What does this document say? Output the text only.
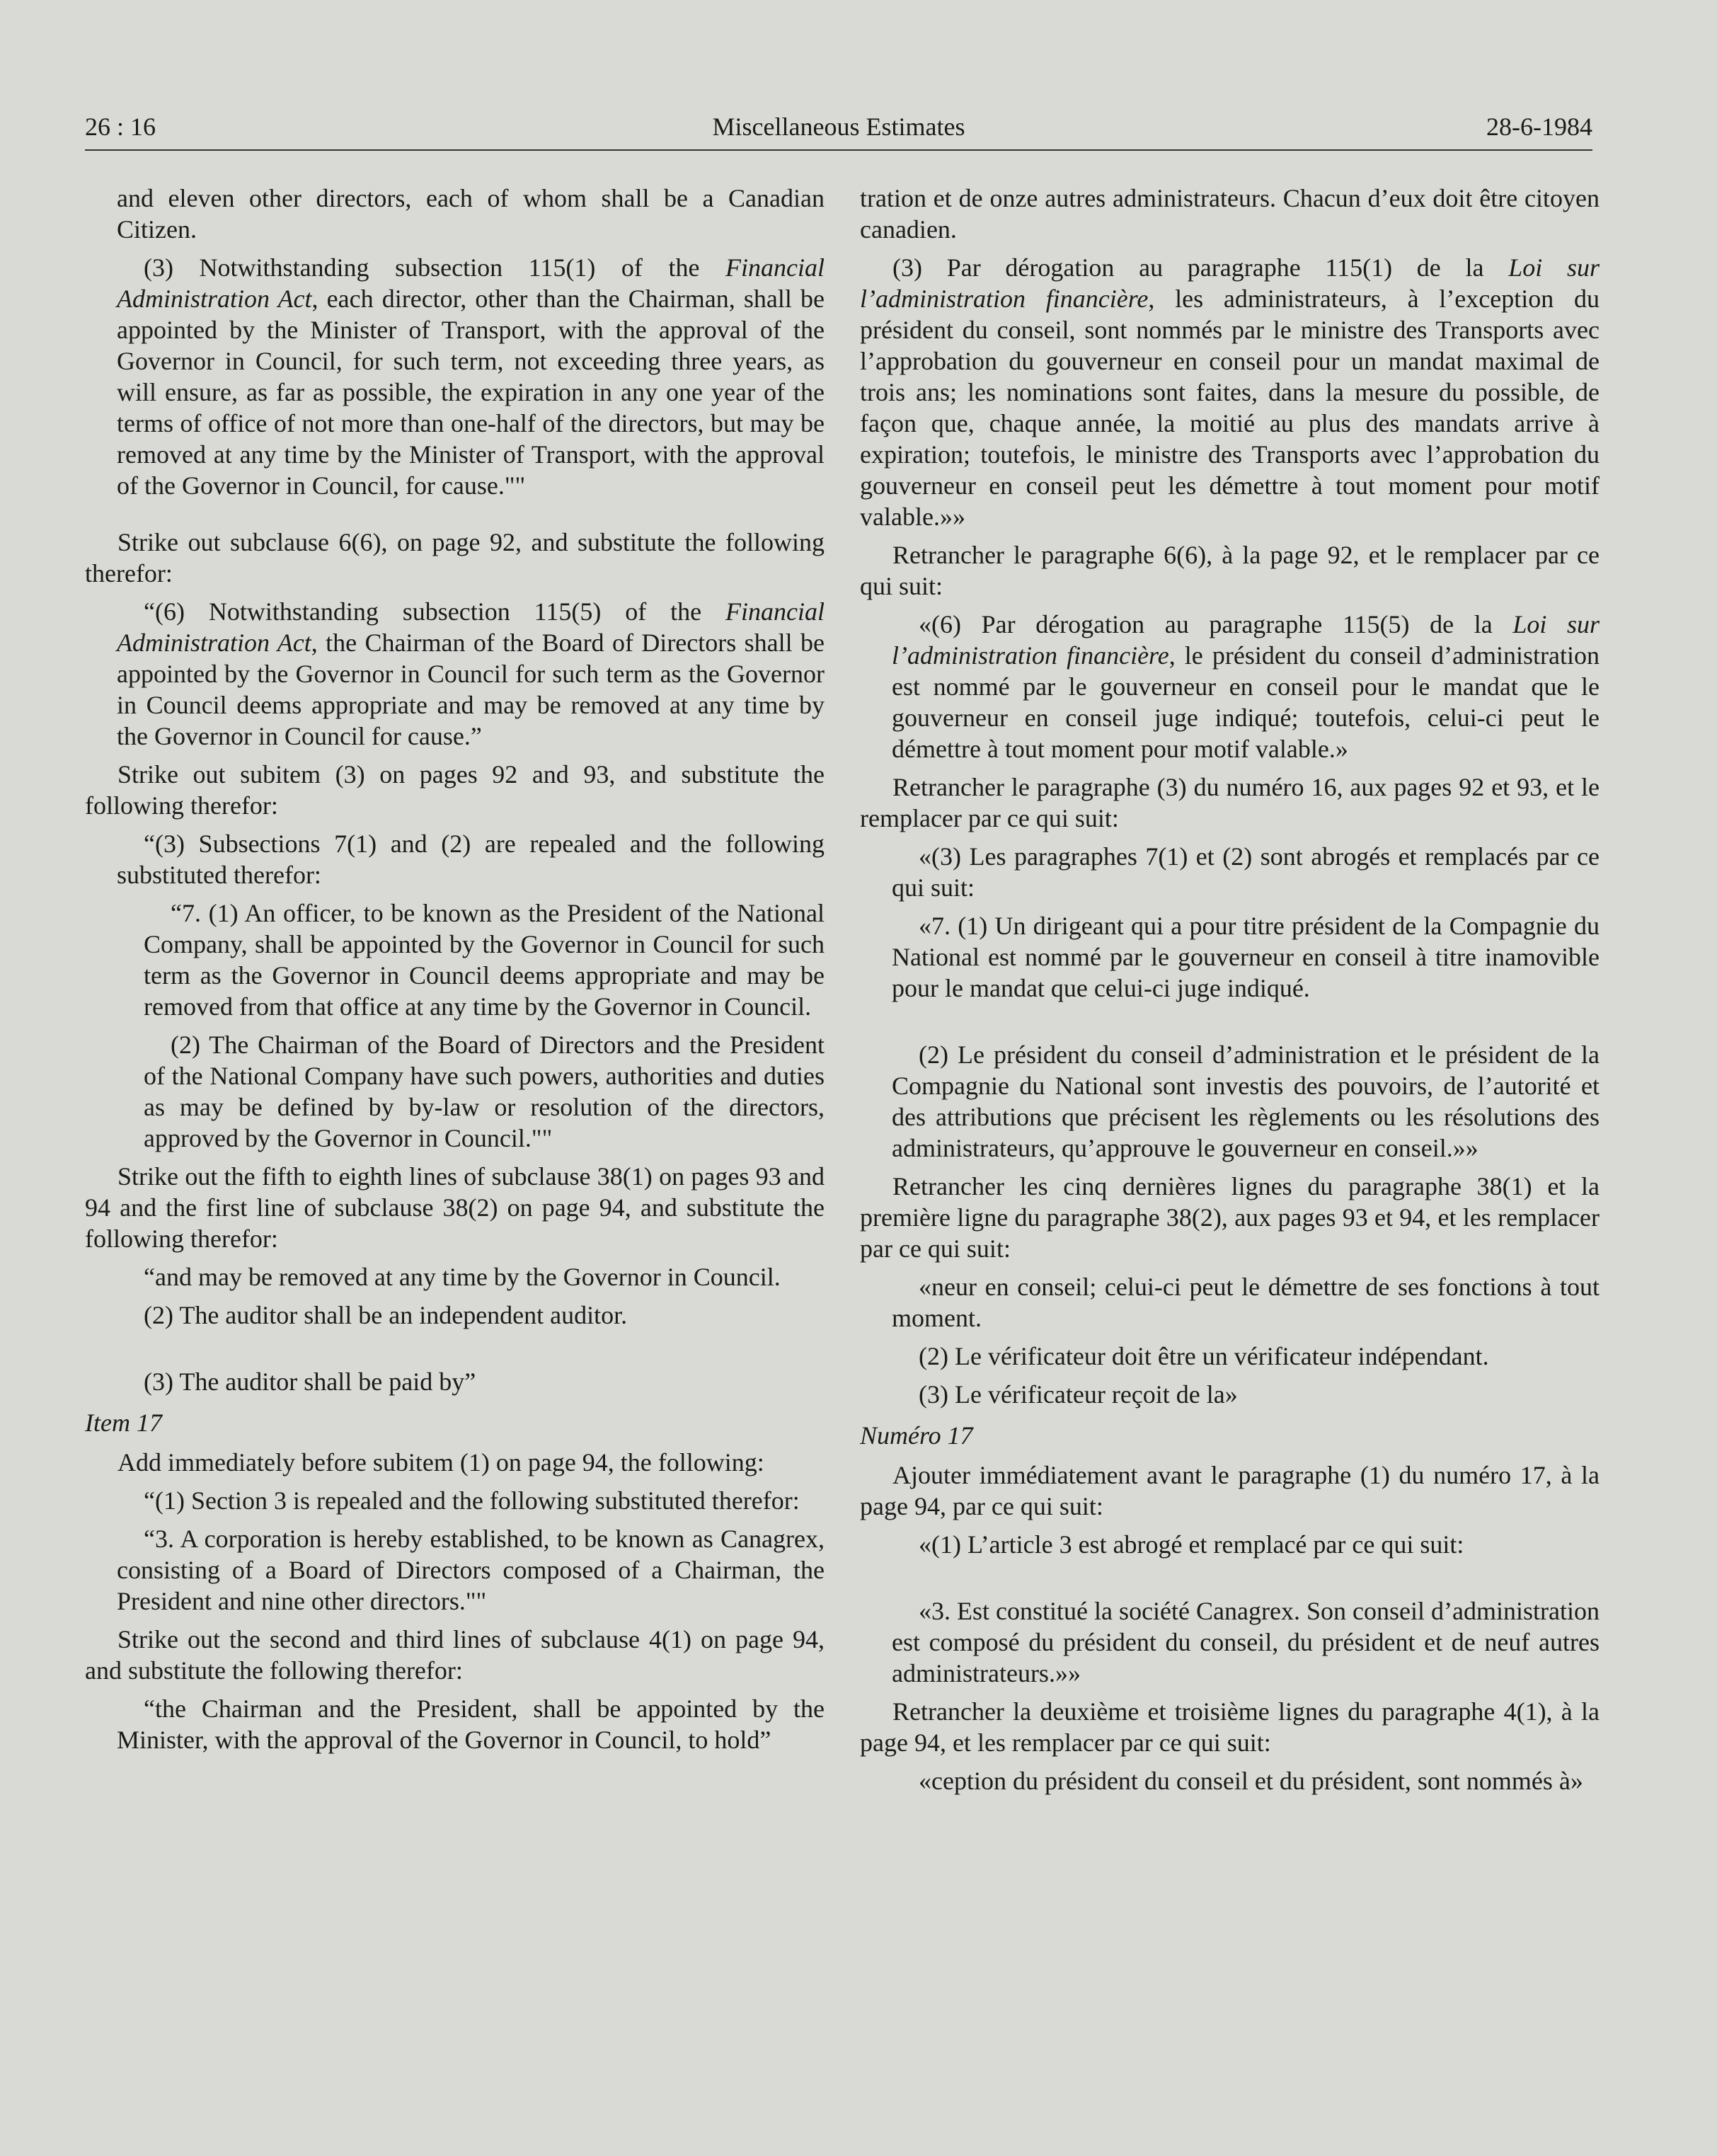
26 : 16	Miscellaneous Estimates	28-6-1984

and eleven other directors, each of whom shall be a Canadian Citizen.

(3) Notwithstanding subsection 115(1) of the Financial Administration Act, each director, other than the Chairman, shall be appointed by the Minister of Transport, with the approval of the Governor in Council, for such term, not exceeding three years, as will ensure, as far as possible, the expiration in any one year of the terms of office of not more than one-half of the directors, but may be removed at any time by the Minister of Transport, with the approval of the Governor in Council, for cause.""

Strike out subclause 6(6), on page 92, and substitute the following therefor:

“(6) Notwithstanding subsection 115(5) of the Financial Administration Act, the Chairman of the Board of Directors shall be appointed by the Governor in Council for such term as the Governor in Council deems appropriate and may be removed at any time by the Governor in Council for cause.”

Strike out subitem (3) on pages 92 and 93, and substitute the following therefor:

“(3) Subsections 7(1) and (2) are repealed and the following substituted therefor:

“7. (1) An officer, to be known as the President of the National Company, shall be appointed by the Governor in Council for such term as the Governor in Council deems appropriate and may be removed from that office at any time by the Governor in Council.

(2) The Chairman of the Board of Directors and the President of the National Company have such powers, authorities and duties as may be defined by by-law or resolution of the directors, approved by the Governor in Council.""

Strike out the fifth to eighth lines of subclause 38(1) on pages 93 and 94 and the first line of subclause 38(2) on page 94, and substitute the following therefor:

“and may be removed at any time by the Governor in Council.

(2) The auditor shall be an independent auditor.

(3) The auditor shall be paid by”

Item 17

Add immediately before subitem (1) on page 94, the following:

“(1) Section 3 is repealed and the following substituted therefor:

“3. A corporation is hereby established, to be known as Canagrex, consisting of a Board of Directors composed of a Chairman, the President and nine other directors.""

Strike out the second and third lines of subclause 4(1) on page 94, and substitute the following therefor:

“the Chairman and the President, shall be appointed by the Minister, with the approval of the Governor in Council, to hold”

tration et de onze autres administrateurs. Chacun d’eux doit être citoyen canadien.

(3) Par dérogation au paragraphe 115(1) de la Loi sur l’administration financière, les administrateurs, à l’exception du président du conseil, sont nommés par le ministre des Transports avec l’approbation du gouverneur en conseil pour un mandat maximal de trois ans; les nominations sont faites, dans la mesure du possible, de façon que, chaque année, la moitié au plus des mandats arrive à expiration; toutefois, le ministre des Transports avec l’approbation du gouverneur en conseil peut les démettre à tout moment pour motif valable.»»

Retrancher le paragraphe 6(6), à la page 92, et le remplacer par ce qui suit:

«(6) Par dérogation au paragraphe 115(5) de la Loi sur l’administration financière, le président du conseil d’administration est nommé par le gouverneur en conseil pour le mandat que le gouverneur en conseil juge indiqué; toutefois, celui-ci peut le démettre à tout moment pour motif valable.»

Retrancher le paragraphe (3) du numéro 16, aux pages 92 et 93, et le remplacer par ce qui suit:

«(3) Les paragraphes 7(1) et (2) sont abrogés et remplacés par ce qui suit:

«7. (1) Un dirigeant qui a pour titre président de la Compagnie du National est nommé par le gouverneur en conseil à titre inamovible pour le mandat que celui-ci juge indiqué.

(2) Le président du conseil d’administration et le président de la Compagnie du National sont investis des pouvoirs, de l’autorité et des attributions que précisent les règlements ou les résolutions des administrateurs, qu’approuve le gouverneur en conseil.»»

Retrancher les cinq dernières lignes du paragraphe 38(1) et la première ligne du paragraphe 38(2), aux pages 93 et 94, et les remplacer par ce qui suit:

«neur en conseil; celui-ci peut le démettre de ses fonctions à tout moment.

(2) Le vérificateur doit être un vérificateur indépendant.

(3) Le vérificateur reçoit de la»

Numéro 17

Ajouter immédiatement avant le paragraphe (1) du numéro 17, à la page 94, par ce qui suit:

«(1) L’article 3 est abrogé et remplacé par ce qui suit:

«3. Est constitué la société Canagrex. Son conseil d’administration est composé du président du conseil, du président et de neuf autres administrateurs.»»

Retrancher la deuxième et troisième lignes du paragraphe 4(1), à la page 94, et les remplacer par ce qui suit:

«ception du président du conseil et du président, sont nommés à»
